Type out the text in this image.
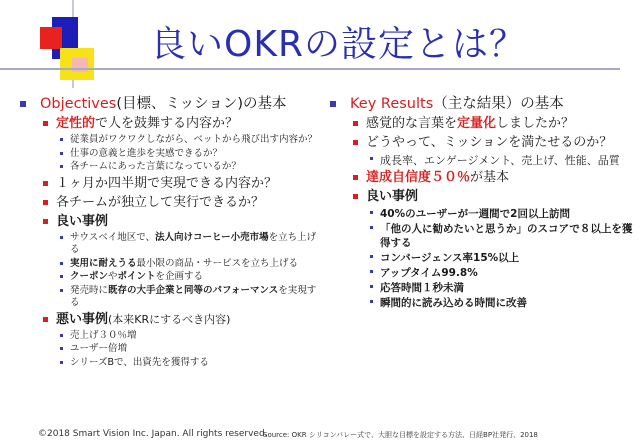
良いOKRの設定とは？
Objectives(目標、ミッション)の基本
定性的で人を鼓舞する内容か？
従業員がワクワクしながら、ベットから飛び出す内容か？
仕事の意義と進歩を実感できるか？
各チームにあった言葉になっているか？
１ヶ月か四半期で実現できる内容か？
各チームが独立して実行できるか？
良い事例
サウスベイ地区で、法人向けコーヒー小売市場を立ち上げる
実用に耐えうる最小限の商品・サービスを立ち上げる
クーポンやポイントを企画する
発売時に既存の大手企業と同等のパフォーマンスを実現する
悪い事例(本来KRにするべき内容)
売上げ３０％増
ユーザー倍増
シリーズBで、出資先を獲得する
Key Results（主な結果）の基本
感覚的な言葉を定量化しましたか？
どうやって、ミッションを満たせるのか？
成長率、エンゲージメント、売上げ、性能、品質
達成自信度５０％が基本
良い事例
40%のユーザーが一週間で2回以上訪問
「他の人に勧めたいと思うか」のスコアで８以上を獲得する
コンバージェンス率15%以上
アップタイム99.8%
応答時間１秒未満
瞬間的に読み込める時間に改善
©2018 Smart Vision Inc. Japan. All rights reserved.
Source: OKR シリコンバレー式で、大胆な目標を設定する方法、日経BP社発行、2018
